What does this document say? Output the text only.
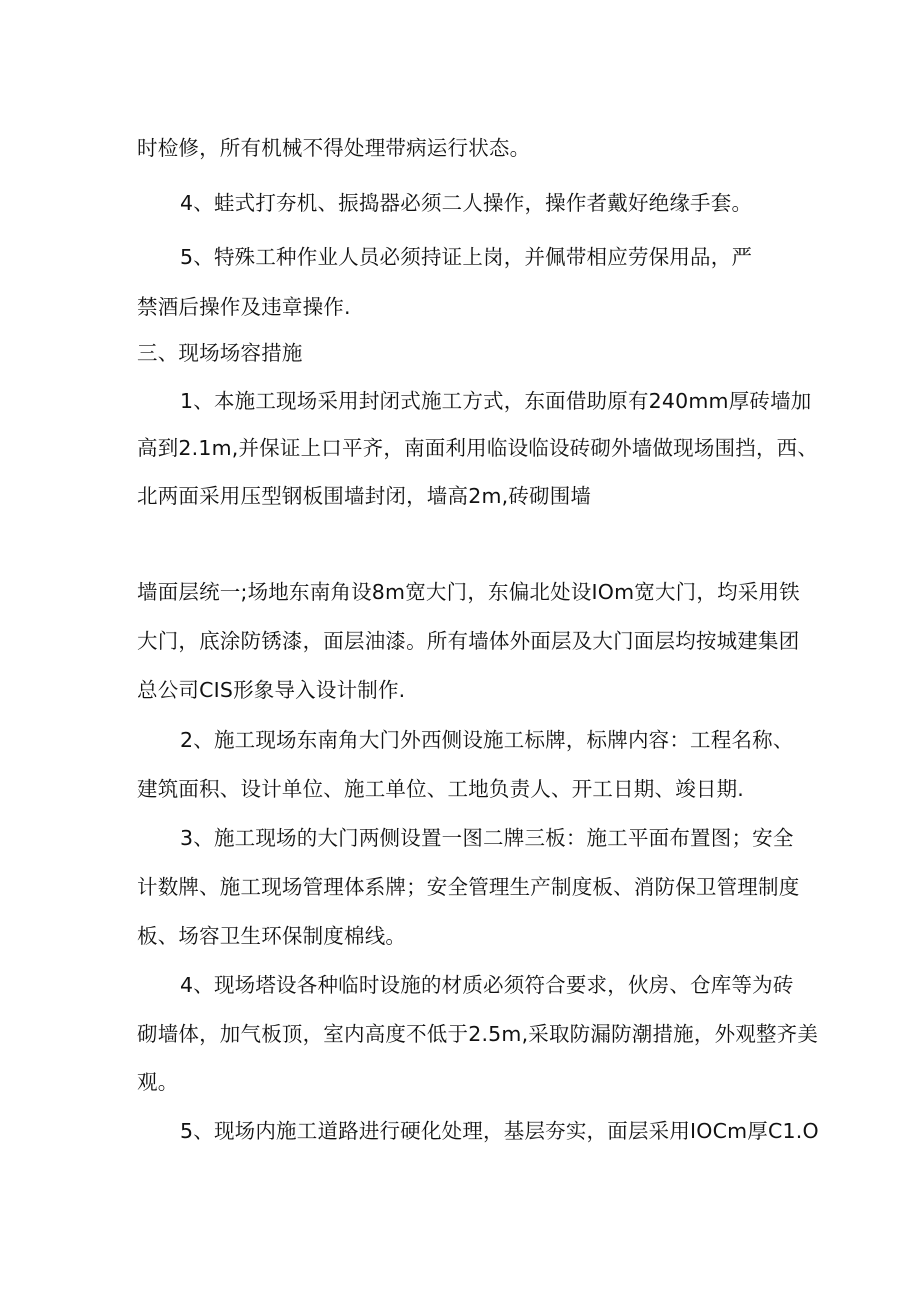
时检修，所有机械不得处理带病运行状态。
4、蛙式打夯机、振捣器必须二人操作，操作者戴好绝缘手套。
5、特殊工种作业人员必须持证上岗，并佩带相应劳保用品，严
禁酒后操作及违章操作.
三、现场场容措施
1、本施工现场采用封闭式施工方式，东面借助原有240mm厚砖墙加
高到2.1m,并保证上口平齐，南面利用临设临设砖砌外墙做现场围挡，西、
北两面采用压型钢板围墙封闭，墙高2m,砖砌围墙
墙面层统一;场地东南角设8m宽大门，东偏北处设IOm宽大门，均采用铁
大门，底涂防锈漆，面层油漆。所有墙体外面层及大门面层均按城建集团
总公司CIS形象导入设计制作.
2、施工现场东南角大门外西侧设施工标牌，标牌内容：工程名称、
建筑面积、设计单位、施工单位、工地负责人、开工日期、竣日期.
3、施工现场的大门两侧设置一图二牌三板：施工平面布置图；安全
计数牌、施工现场管理体系牌；安全管理生产制度板、消防保卫管理制度
板、场容卫生环保制度棉线。
4、现场塔设各种临时设施的材质必须符合要求，伙房、仓库等为砖
砌墙体，加气板顶，室内高度不低于2.5m,采取防漏防潮措施，外观整齐美
观。
5、现场内施工道路进行硬化处理，基层夯实，面层采用IOCm厚C1.O
